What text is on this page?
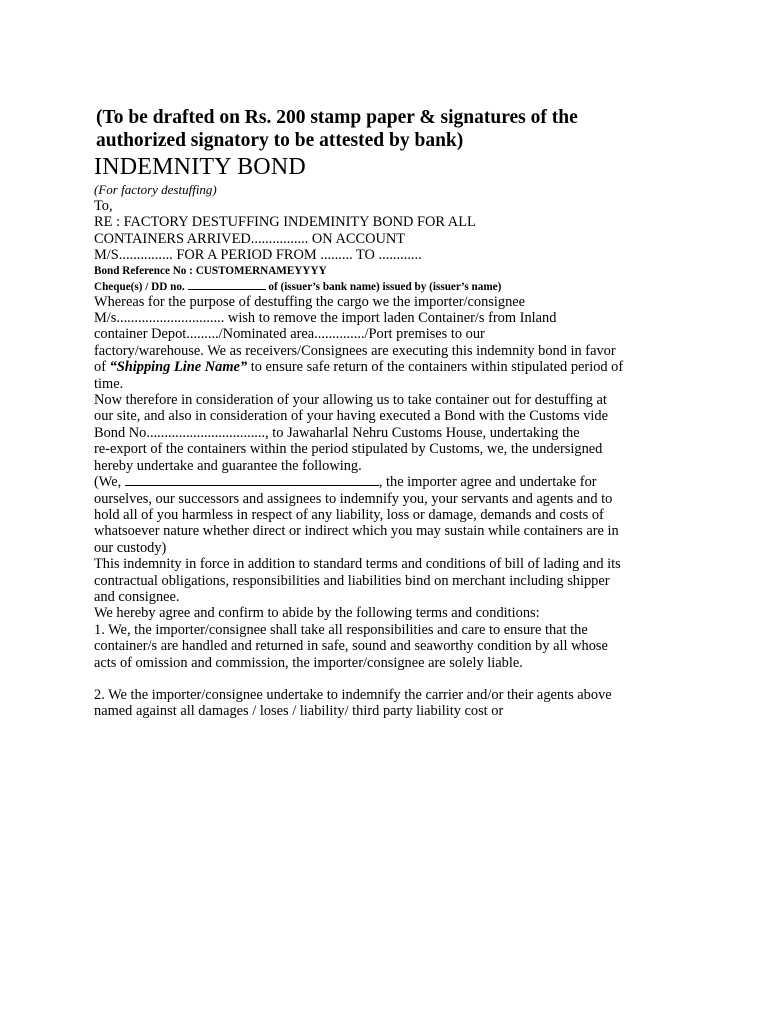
(To be drafted on Rs. 200 stamp paper & signatures of the
authorized signatory to be attested by bank)
INDEMNITY BOND
(For factory destuffing)
To,
RE : FACTORY DESTUFFING INDEMINITY BOND FOR ALL
CONTAINERS ARRIVED................ ON ACCOUNT
M/S............... FOR A PERIOD FROM ......... TO ............
Bond Reference No : CUSTOMERNAMEYYYY
Cheque(s) / DD no.	of (issuer’s bank name) issued by (issuer’s name)
Whereas for the purpose of destuffing the cargo we the importer/consignee
M/s.............................. wish to remove the import laden Container/s from Inland
container Depot........./Nominated area............../Port premises to our
factory/warehouse. We as receivers/Consignees are executing this indemnity bond in favor
of “Shipping Line Name” to ensure safe return of the containers within stipulated period of
time.
Now therefore in consideration of your allowing us to take container out for destuffing at
our site, and also in consideration of your having executed a Bond with the Customs vide
Bond No................................., to Jawaharlal Nehru Customs House, undertaking the
re-export of the containers within the period stipulated by Customs, we, the undersigned
hereby undertake and guarantee the following.
(We,	, the importer agree and undertake for
ourselves, our successors and assignees to indemnify you, your servants and agents and to
hold all of you harmless in respect of any liability, loss or damage, demands and costs of
whatsoever nature whether direct or indirect which you may sustain while containers are in
our custody)
This indemnity in force in addition to standard terms and conditions of bill of lading and its
contractual obligations, responsibilities and liabilities bind on merchant including shipper
and consignee.
We hereby agree and confirm to abide by the following terms and conditions:
1. We, the importer/consignee shall take all responsibilities and care to ensure that the
container/s are handled and returned in safe, sound and seaworthy condition by all whose
acts of omission and commission, the importer/consignee are solely liable.
2. We the importer/consignee undertake to indemnify the carrier and/or their agents above
named against all damages / loses / liability/ third party liability cost or
